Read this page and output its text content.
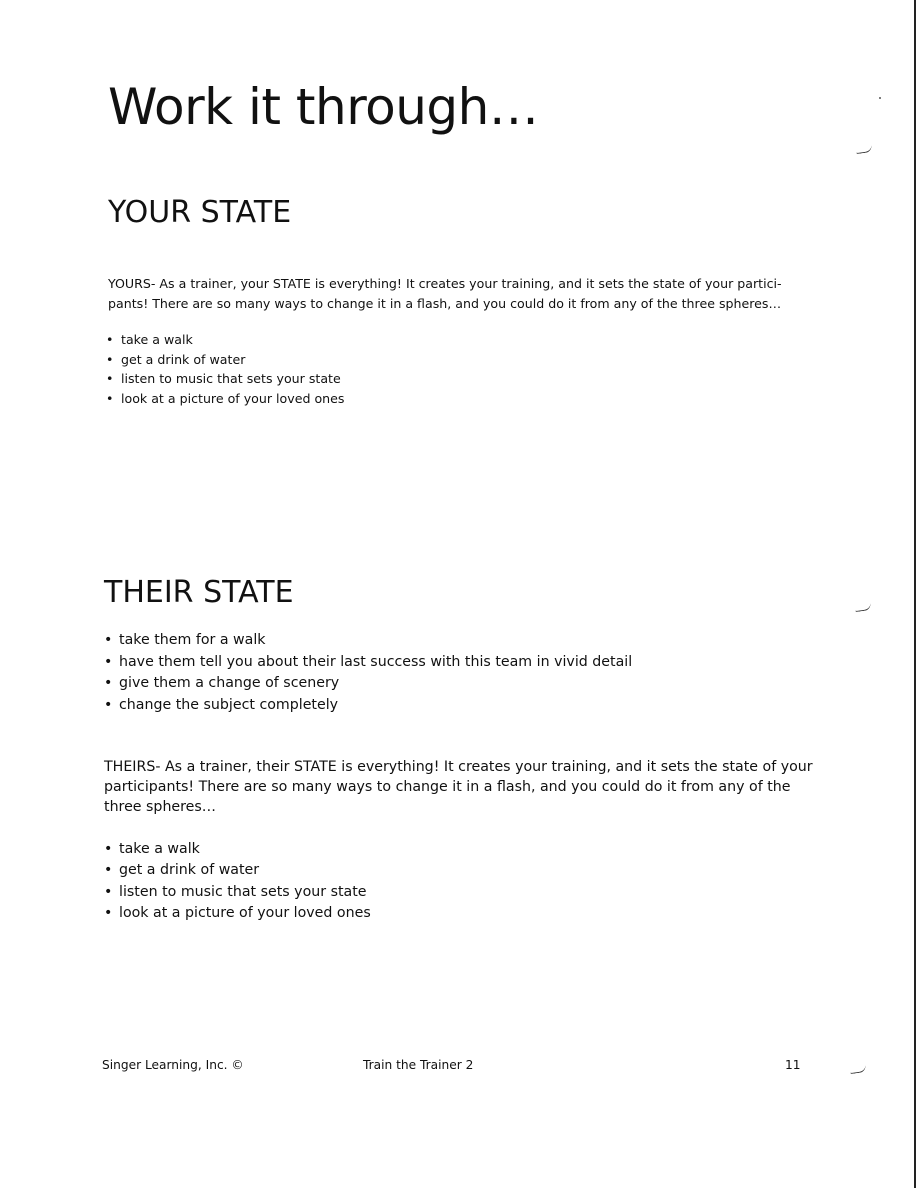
Work it through…
YOUR STATE

YOURS- As a trainer, your STATE is everything! It creates your training, and it sets the state of your partici-
pants! There are so many ways to change it in a flash, and you could do it from any of the three spheres…

• take a walk
• get a drink of water
• listen to music that sets your state
• look at a picture of your loved ones
THEIR STATE
• take them for a walk
• have them tell you about their last success with this team in vivid detail
• give them a change of scenery
• change the subject completely

THEIRS- As a trainer, their STATE is everything! It creates your training, and it sets the state of your
participants! There are so many ways to change it in a flash, and you could do it from any of the
three spheres…

• take a walk
• get a drink of water
• listen to music that sets your state
• look at a picture of your loved ones

Singer Learning, Inc. ©	Train the Trainer 2	11
